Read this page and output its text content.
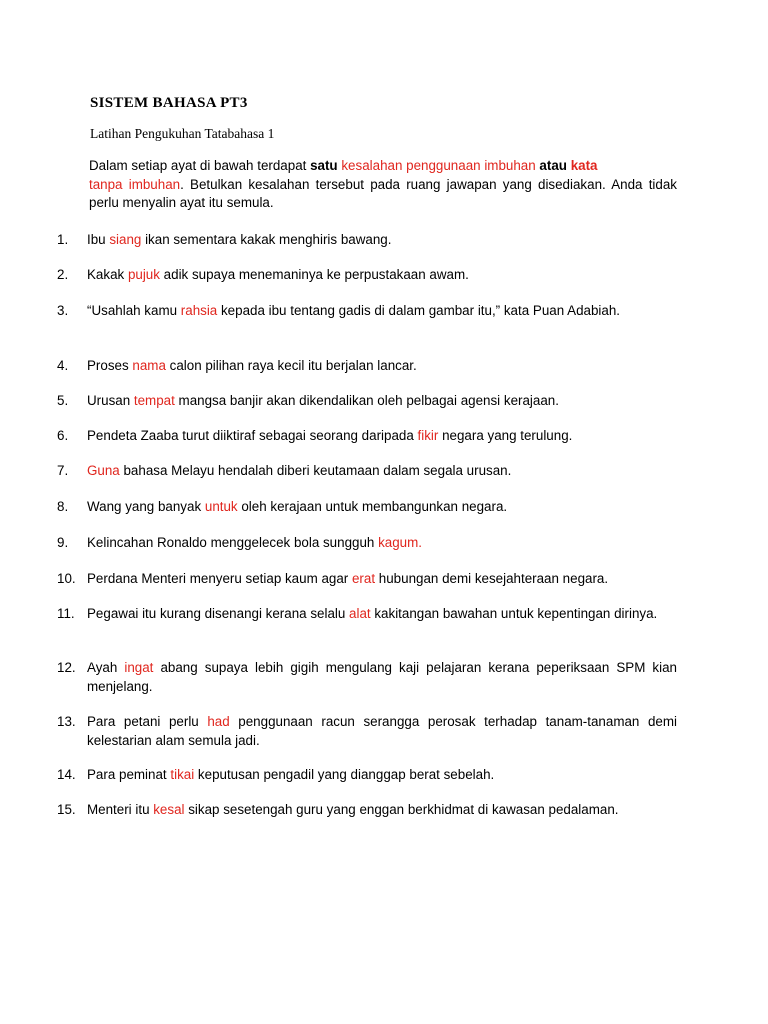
SISTEM BAHASA PT3
Latihan Pengukuhan Tatabahasa 1
Dalam setiap ayat di bawah terdapat satu kesalahan penggunaan imbuhan atau kata
tanpa imbuhan. Betulkan kesalahan tersebut pada ruang jawapan yang disediakan. Anda tidak perlu menyalin ayat itu semula.
1. Ibu siang ikan sementara kakak menghiris bawang.
2. Kakak pujuk adik supaya menemaninya ke perpustakaan awam.
3. “Usahlah kamu rahsia kepada ibu tentang gadis di dalam gambar itu,” kata Puan Adabiah.
4. Proses nama calon pilihan raya kecil itu berjalan lancar.
5. Urusan tempat mangsa banjir akan dikendalikan oleh pelbagai agensi kerajaan.
6. Pendeta Zaaba turut diiktiraf sebagai seorang daripada fikir negara yang terulung.
7. Guna bahasa Melayu hendalah diberi keutamaan dalam segala urusan.
8. Wang yang banyak untuk oleh kerajaan untuk membangunkan negara.
9. Kelincahan Ronaldo menggelecek bola sungguh kagum.
10. Perdana Menteri menyeru setiap kaum agar erat hubungan demi kesejahteraan negara.
11. Pegawai itu kurang disenangi kerana selalu alat kakitangan bawahan untuk kepentingan dirinya.
12. Ayah ingat abang supaya lebih gigih mengulang kaji pelajaran kerana peperiksaan SPM kian menjelang.
13. Para petani perlu had penggunaan racun serangga perosak terhadap tanam-tanaman demi kelestarian alam semula jadi.
14. Para peminat tikai keputusan pengadil yang dianggap berat sebelah.
15. Menteri itu kesal sikap sesetengah guru yang enggan berkhidmat di kawasan pedalaman.
